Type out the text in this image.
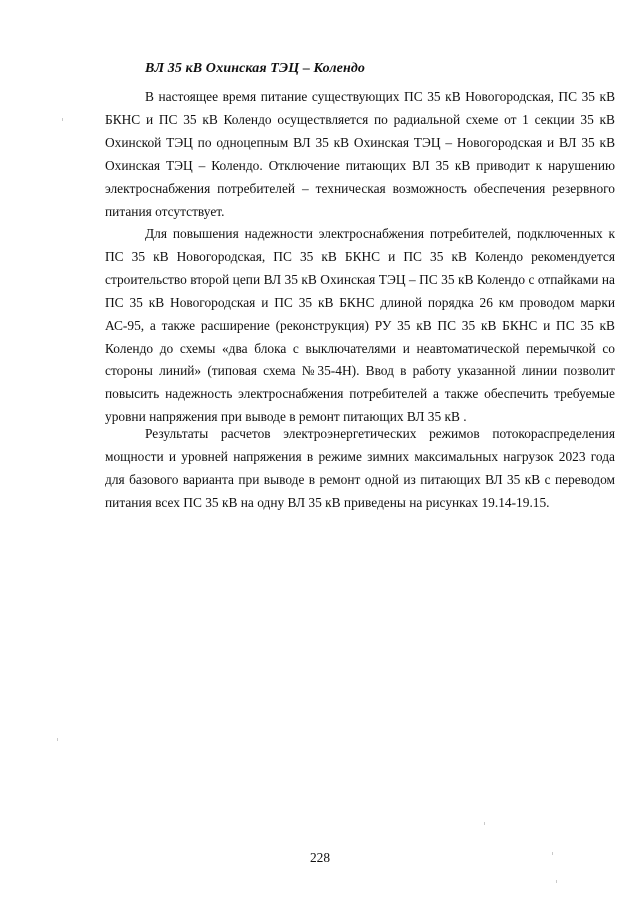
ВЛ 35 кВ Охинская ТЭЦ – Колендо

В настоящее время питание существующих ПС 35 кВ Новогородская, ПС 35 кВ БКНС и ПС 35 кВ Колендо осуществляется по радиальной схеме от 1 секции 35 кВ Охинской ТЭЦ по одноцепным ВЛ 35 кВ Охинская ТЭЦ – Новогородская и ВЛ 35 кВ Охинская ТЭЦ – Колендо. Отключение питающих ВЛ 35 кВ приводит к нарушению электроснабжения потребителей – техническая возможность обеспечения резервного питания отсутствует.

Для повышения надежности электроснабжения потребителей, подключенных к ПС 35 кВ Новогородская, ПС 35 кВ БКНС и ПС 35 кВ Колендо рекомендуется строительство второй цепи ВЛ 35 кВ Охинская ТЭЦ – ПС 35 кВ Колендо с отпайками на ПС 35 кВ Новогородская и ПС 35 кВ БКНС длиной порядка 26 км проводом марки АС-95, а также расширение (реконструкция) РУ 35 кВ ПС 35 кВ БКНС и ПС 35 кВ Колендо до схемы «два блока с выключателями и неавтоматической перемычкой со стороны линий» (типовая схема №35-4Н). Ввод в работу указанной линии позволит повысить надежность электроснабжения потребителей а также обеспечить требуемые уровни напряжения при выводе в ремонт питающих ВЛ 35 кВ .

Результаты расчетов электроэнергетических режимов потокораспределения мощности и уровней напряжения в режиме зимних максимальных нагрузок 2023 года для базового варианта при выводе в ремонт одной из питающих ВЛ 35 кВ с переводом питания всех ПС 35 кВ на одну ВЛ 35 кВ приведены на рисунках 19.14-19.15.

228
